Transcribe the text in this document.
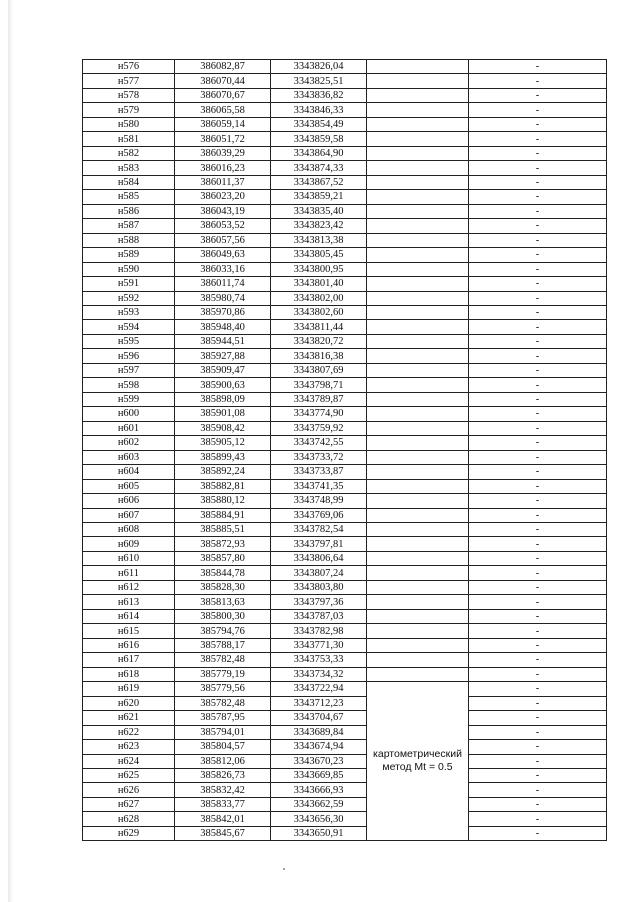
н576	386082,87	3343826,04		-
н577	386070,44	3343825,51		-
н578	386070,67	3343836,82		-
н579	386065,58	3343846,33		-
н580	386059,14	3343854,49		-
н581	386051,72	3343859,58		-
н582	386039,29	3343864,90		-
н583	386016,23	3343874,33		-
н584	386011,37	3343867,52		-
н585	386023,20	3343859,21		-
н586	386043,19	3343835,40		-
н587	386053,52	3343823,42		-
н588	386057,56	3343813,38		-
н589	386049,63	3343805,45		-
н590	386033,16	3343800,95		-
н591	386011,74	3343801,40		-
н592	385980,74	3343802,00		-
н593	385970,86	3343802,60		-
н594	385948,40	3343811,44		-
н595	385944,51	3343820,72		-
н596	385927,88	3343816,38		-
н597	385909,47	3343807,69		-
н598	385900,63	3343798,71		-
н599	385898,09	3343789,87		-
н600	385901,08	3343774,90		-
н601	385908,42	3343759,92		-
н602	385905,12	3343742,55		-
н603	385899,43	3343733,72		-
н604	385892,24	3343733,87		-
н605	385882,81	3343741,35		-
н606	385880,12	3343748,99		-
н607	385884,91	3343769,06		-
н608	385885,51	3343782,54		-
н609	385872,93	3343797,81		-
н610	385857,80	3343806,64		-
н611	385844,78	3343807,24		-
н612	385828,30	3343803,80		-
н613	385813,63	3343797,36		-
н614	385800,30	3343787,03		-
н615	385794,76	3343782,98		-
н616	385788,17	3343771,30		-
н617	385782,48	3343753,33		-
н618	385779,19	3343734,32		-
н619	385779,56	3343722,94	картометрический метод Mt = 0.5	-
н620	385782,48	3343712,23		-
н621	385787,95	3343704,67		-
н622	385794,01	3343689,84		-
н623	385804,57	3343674,94		-
н624	385812,06	3343670,23		-
н625	385826,73	3343669,85		-
н626	385832,42	3343666,93		-
н627	385833,77	3343662,59		-
н628	385842,01	3343656,30		-
н629	385845,67	3343650,91		-
